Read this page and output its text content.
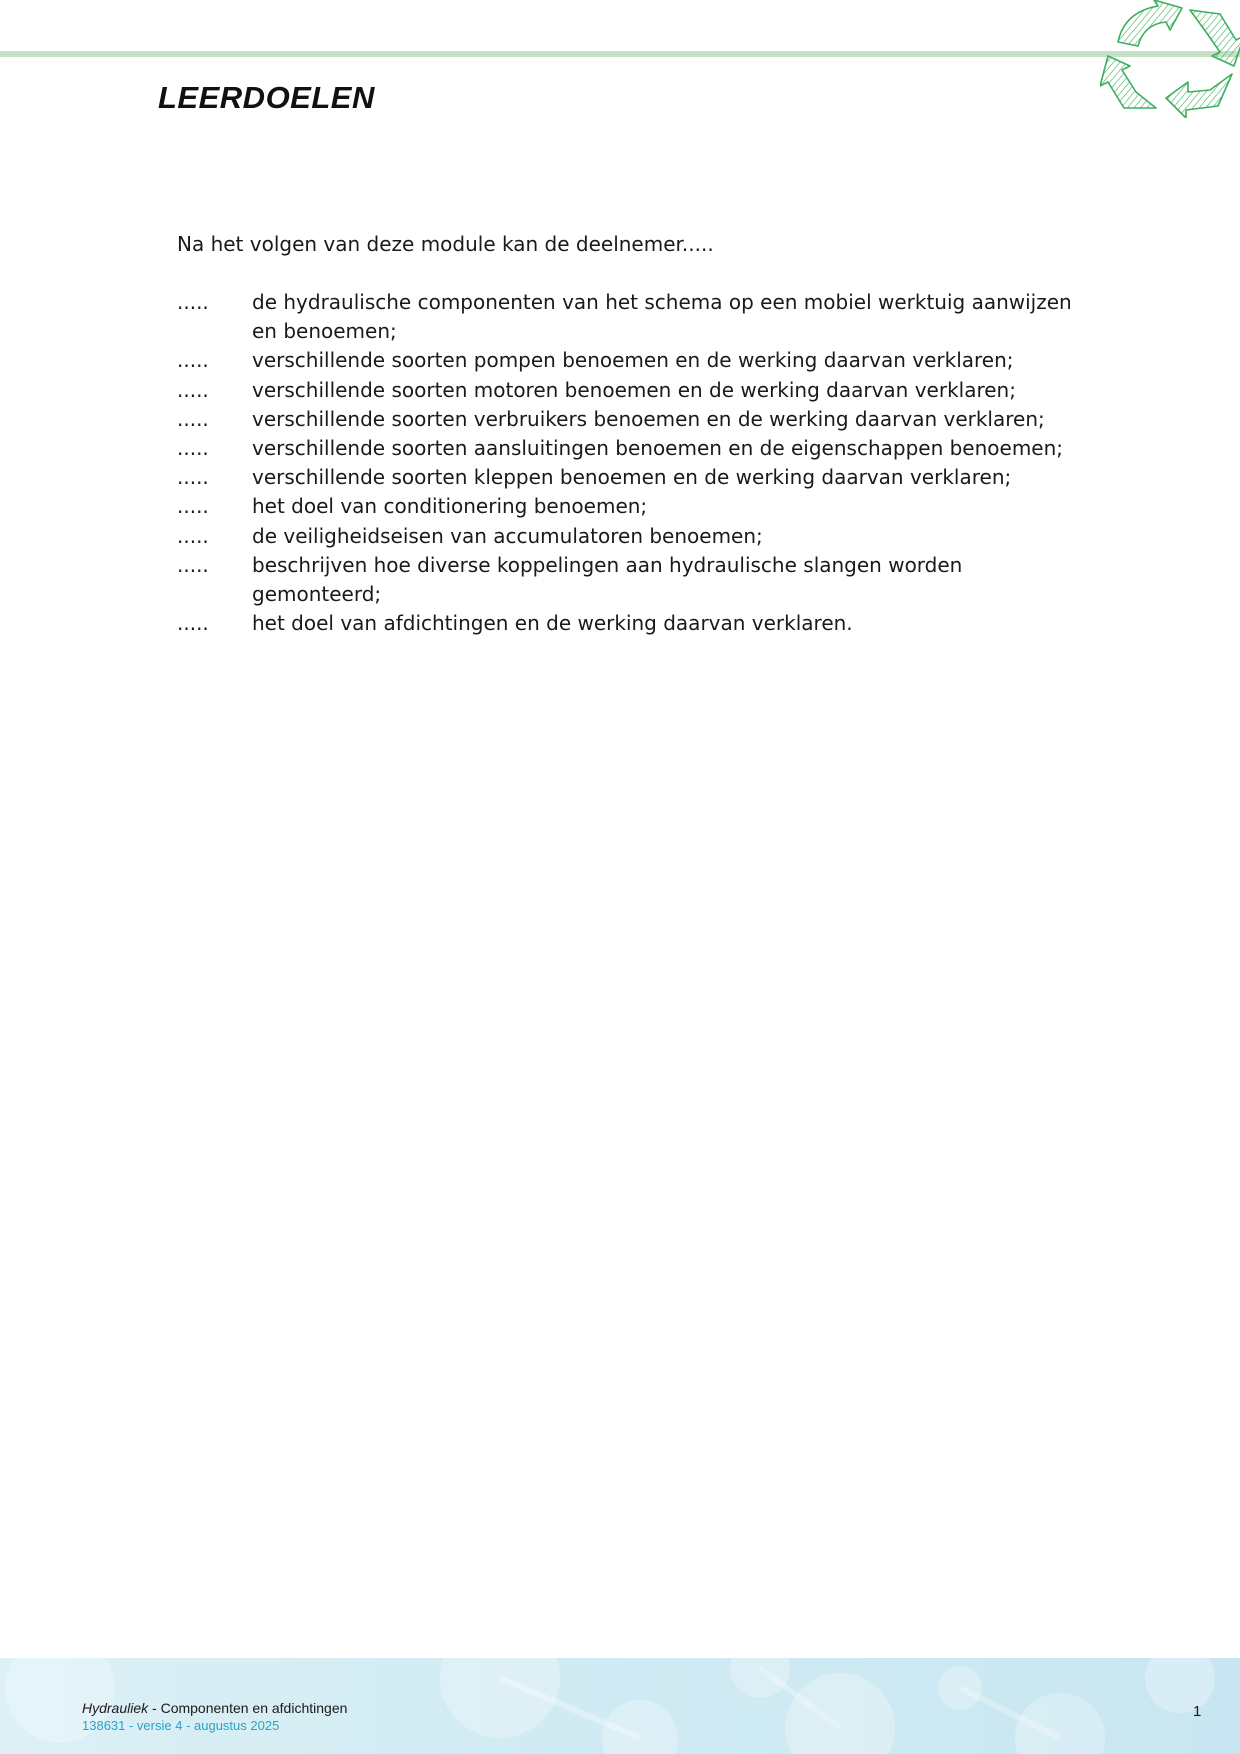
LEERDOELEN
Na het volgen van deze module kan de deelnemer.....
.....	de hydraulische componenten van het schema op een mobiel werktuig aanwijzen en benoemen;
.....	verschillende soorten pompen benoemen en de werking daarvan verklaren;
.....	verschillende soorten motoren benoemen en de werking daarvan verklaren;
.....	verschillende soorten verbruikers benoemen en de werking daarvan verklaren;
.....	verschillende soorten aansluitingen benoemen en de eigenschappen benoemen;
.....	verschillende soorten kleppen benoemen en de werking daarvan verklaren;
.....	het doel van conditionering benoemen;
.....	de veiligheidseisen van accumulatoren benoemen;
.....	beschrijven hoe diverse koppelingen aan hydraulische slangen worden gemonteerd;
.....	het doel van afdichtingen en de werking daarvan verklaren.
Hydrauliek - Componenten en afdichtingen
138631 - versie 4 - augustus 2025
1
